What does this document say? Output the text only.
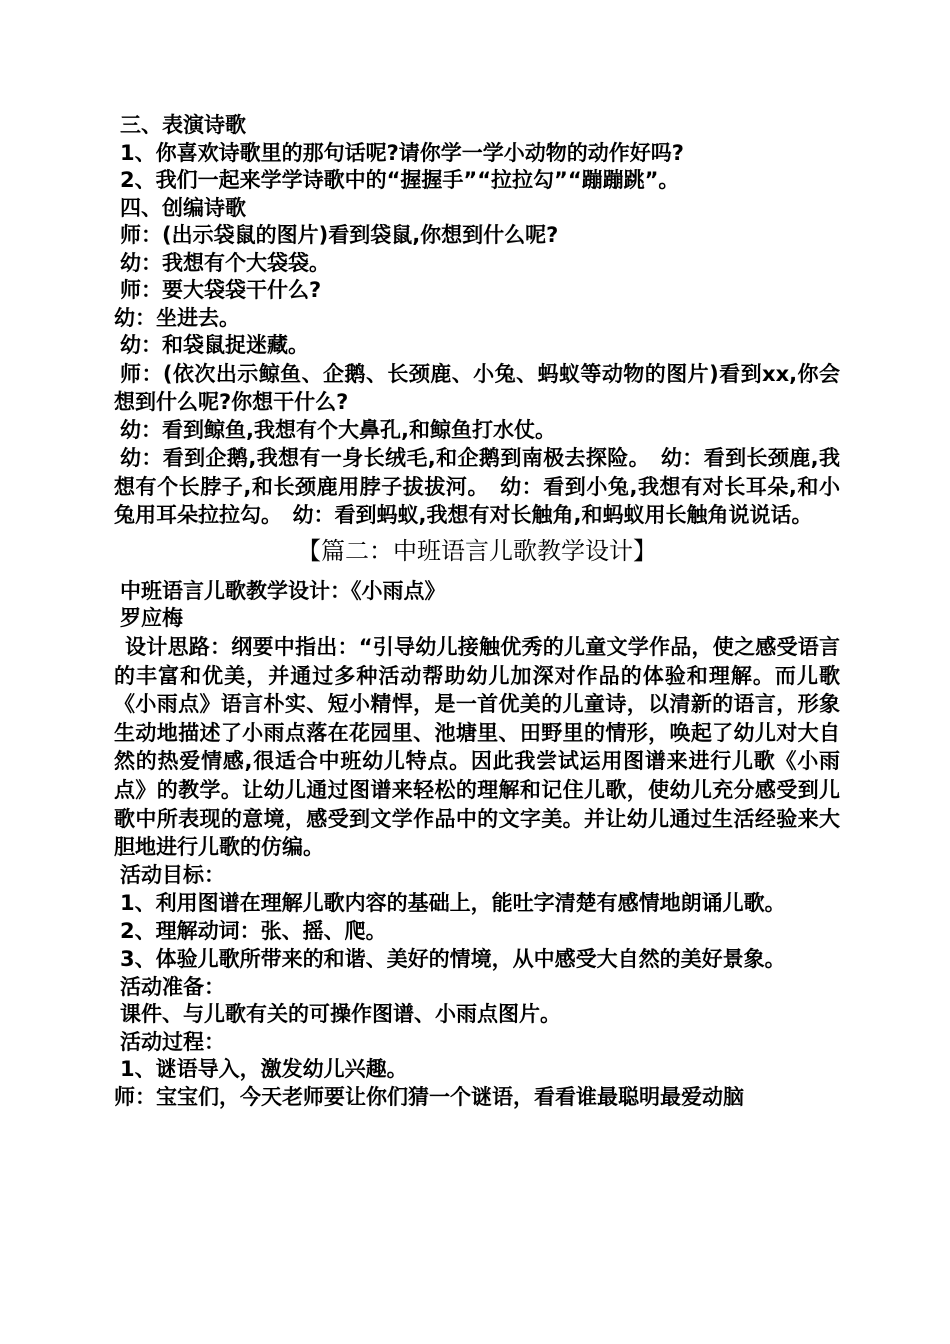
三、表演诗歌
1、你喜欢诗歌里的那句话呢?请你学一学小动物的动作好吗?
2、我们一起来学学诗歌中的“握握手”“拉拉勾”“蹦蹦跳”。
四、创编诗歌
师：(出示袋鼠的图片)看到袋鼠,你想到什么呢?
幼：我想有个大袋袋。
师：要大袋袋干什么?
幼：坐进去。
幼：和袋鼠捉迷藏。
师：(依次出示鲸鱼、企鹅、长颈鹿、小兔、蚂蚁等动物的图片)看到xx,你会想到什么呢?你想干什么?
幼：看到鲸鱼,我想有个大鼻孔,和鲸鱼打水仗。
幼：看到企鹅,我想有一身长绒毛,和企鹅到南极去探险。　幼：看到长颈鹿,我想有个长脖子,和长颈鹿用脖子拔拔河。　幼：看到小兔,我想有对长耳朵,和小兔用耳朵拉拉勾。　幼：看到蚂蚁,我想有对长触角,和蚂蚁用长触角说说话。
【篇二：中班语言儿歌教学设计】
中班语言儿歌教学设计：《小雨点》
罗应梅
设计思路：纲要中指出：“引导幼儿接触优秀的儿童文学作品，使之感受语言的丰富和优美，并通过多种活动帮助幼儿加深对作品的体验和理解。而儿歌《小雨点》语言朴实、短小精悍，是一首优美的儿童诗，以清新的语言，形象生动地描述了小雨点落在花园里、池塘里、田野里的情形，唤起了幼儿对大自然的热爱情感,很适合中班幼儿特点。因此我尝试运用图谱来进行儿歌《小雨点》的教学。让幼儿通过图谱来轻松的理解和记住儿歌，使幼儿充分感受到儿歌中所表现的意境，感受到文学作品中的文字美。并让幼儿通过生活经验来大胆地进行儿歌的仿编。
活动目标：
1、利用图谱在理解儿歌内容的基础上，能吐字清楚有感情地朗诵儿歌。
2、理解动词：张、摇、爬。
3、体验儿歌所带来的和谐、美好的情境，从中感受大自然的美好景象。
活动准备：
课件、与儿歌有关的可操作图谱、小雨点图片。
活动过程：
1、谜语导入，激发幼儿兴趣。
师：宝宝们，今天老师要让你们猜一个谜语，看看谁最聪明最爱动脑
